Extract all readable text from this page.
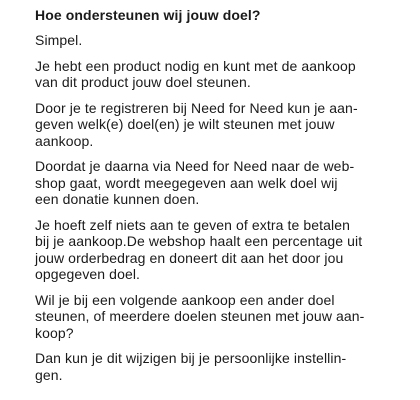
Hoe ondersteunen wij jouw doel?
Simpel.
Je hebt een product nodig en kunt met de aankoop
van dit product jouw doel steunen.
Door je te registreren bij Need for Need kun je aan-
geven welk(e) doel(en) je wilt steunen met jouw
aankoop.
Doordat je daarna via Need for Need naar de web-
shop gaat, wordt meegegeven aan welk doel wij
een donatie kunnen doen.
Je hoeft zelf niets aan te geven of extra te betalen
bij je aankoop.De webshop haalt een percentage uit
jouw orderbedrag en doneert dit aan het door jou
opgegeven doel.
Wil je bij een volgende aankoop een ander doel
steunen, of meerdere doelen steunen met jouw aan-
koop?
Dan kun je dit wijzigen bij je persoonlijke instellin-
gen.
